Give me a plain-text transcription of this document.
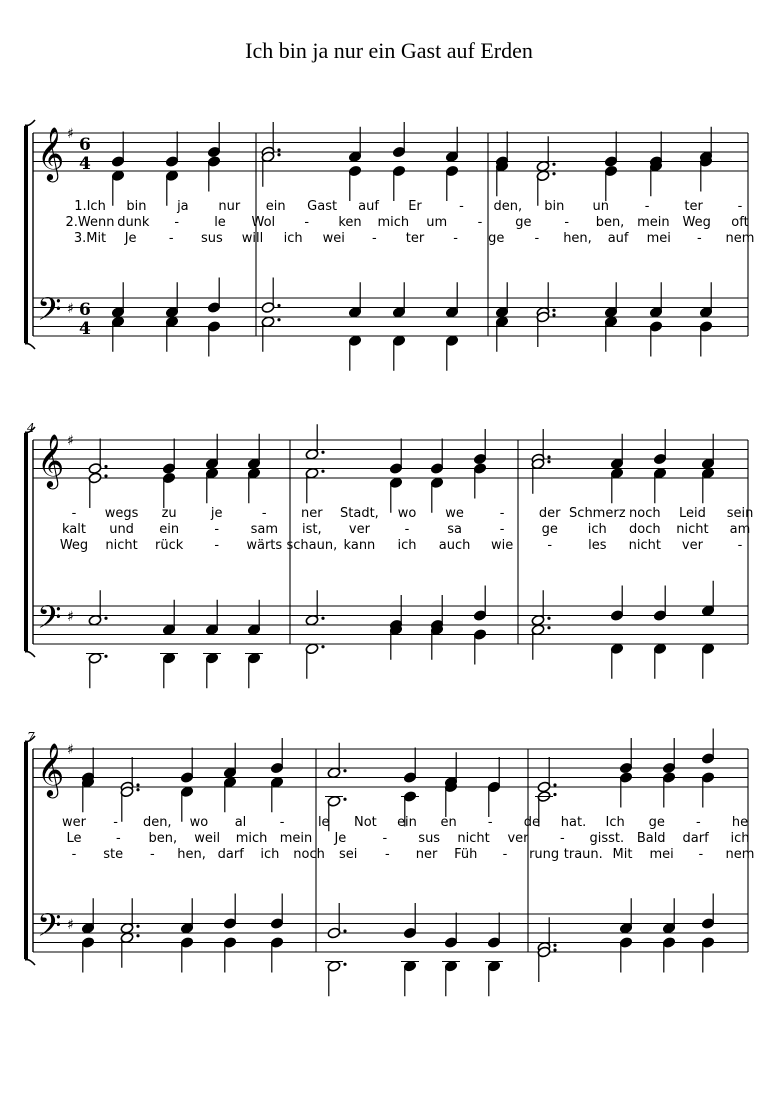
Ich bin ja nur ein Gast auf Erden
𝄞
𝄢
♯
♯
6
4
6
4
1.Ich bin ja nur ein Gast auf Er	- den, bin un	-	ter	-
2.Wenn dunk -	le Wol - ken mich um -	ge	- ben, mein Weg oft
3.Mit Je - sus will ich wei - ter - ge - hen, auf mei - nem
𝄞
𝄢
♯
♯
4
- wegs zu	je	-	ner Stadt, wo we	-	der Schmerz noch Leid sein
kalt und ein	- sam ist, ver	-	sa	-	ge ich doch nicht am
Weg nicht rück - wärts schaun, kann ich auch wie	-	les nicht ver	-
𝄞
𝄢
♯
♯
7
wer - den, wo al	-	le Not ein en - de hat. Ich ge - he
Le	- ben, weil mich mein Je	- sus nicht ver - gisst. Bald darf ich
- ste - hen, darf ich noch sei - ner Füh - rung traun. Mit mei - nem
